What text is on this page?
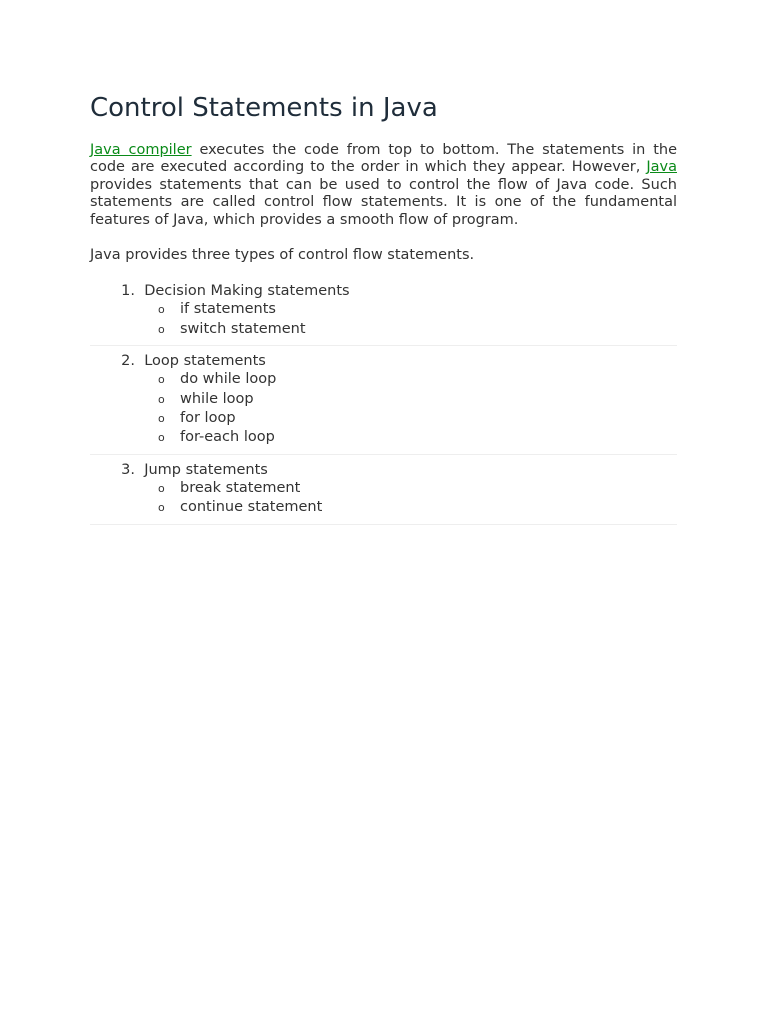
Control Statements in Java

Java compiler executes the code from top to bottom. The statements in the code are executed according to the order in which they appear. However, Java provides statements that can be used to control the flow of Java code. Such statements are called control flow statements. It is one of the fundamental features of Java, which provides a smooth flow of program.

Java provides three types of control flow statements.

1.
Decision Making statements
o	if statements
o	switch statement
2.
Loop statements
o	do while loop
o	while loop
o	for loop
o	for-each loop
3.
Jump statements
o	break statement
o	continue statement
